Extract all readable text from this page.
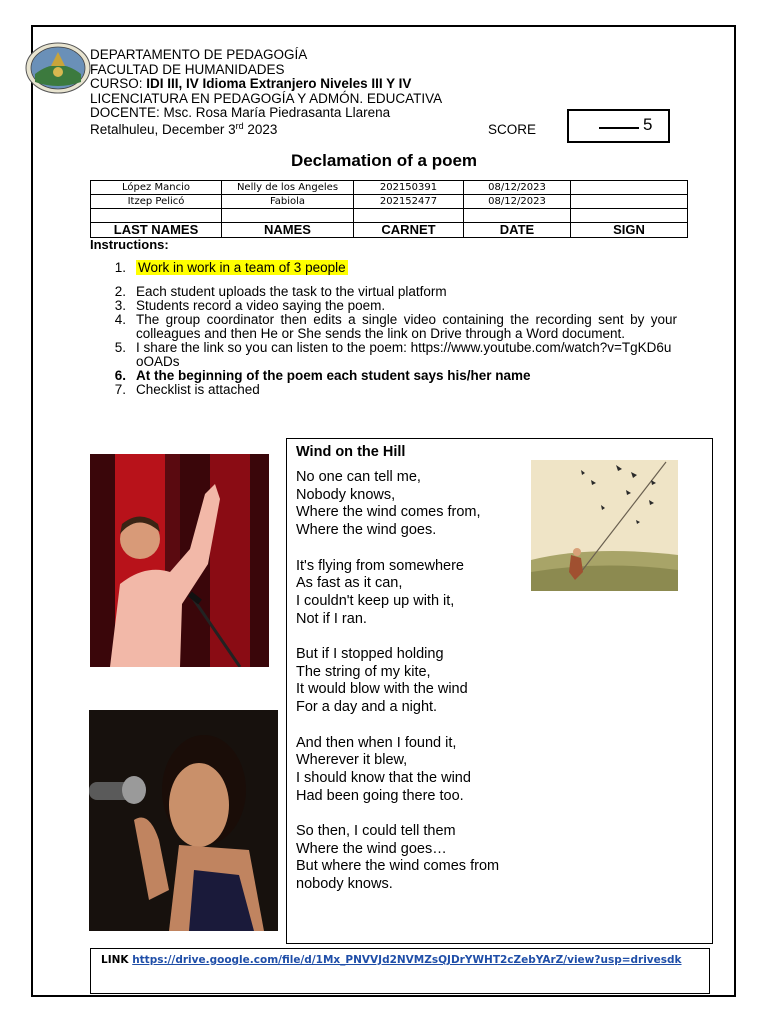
DEPARTAMENTO DE PEDAGOGÍA
FACULTAD DE HUMANIDADES
CURSO: IDI III, IV Idioma Extranjero Niveles III Y IV
LICENCIATURA EN PEDAGOGÍA Y ADMÓN. EDUCATIVA
DOCENTE: Msc. Rosa María Piedrasanta Llarena
Retalhuleu, December 3rd 2023	SCORE	5
Declamation of a poem
López Mancio	Nelly de los Angeles	202150391	08/12/2023	
Itzep Pelicó	Fabiola	202152477	08/12/2023	

LAST NAMES	NAMES	CARNET	DATE	SIGN
Instructions:
1. Work in work in a team of 3 people
2. Each student uploads the task to the virtual platform
3. Students record a video saying the poem.
4. The group coordinator then edits a single video containing the recording sent by your colleagues and then He or She sends the link on Drive through a Word document.
5. I share the link so you can listen to the poem: https://www.youtube.com/watch?v=TgKD6uoOADs
6. At the beginning of the poem each student says his/her name
7. Checklist is attached
Wind on the Hill
No one can tell me,
Nobody knows,
Where the wind comes from,
Where the wind goes.
It's flying from somewhere
As fast as it can,
I couldn't keep up with it,
Not if I ran.
But if I stopped holding
The string of my kite,
It would blow with the wind
For a day and a night.
And then when I found it,
Wherever it blew,
I should know that the wind
Had been going there too.
So then, I could tell them
Where the wind goes…
But where the wind comes from
nobody knows.
LINK https://drive.google.com/file/d/1Mx_PNVVJd2NVMZsQJDrYWHT2cZebYArZ/view?usp=drivesdk
